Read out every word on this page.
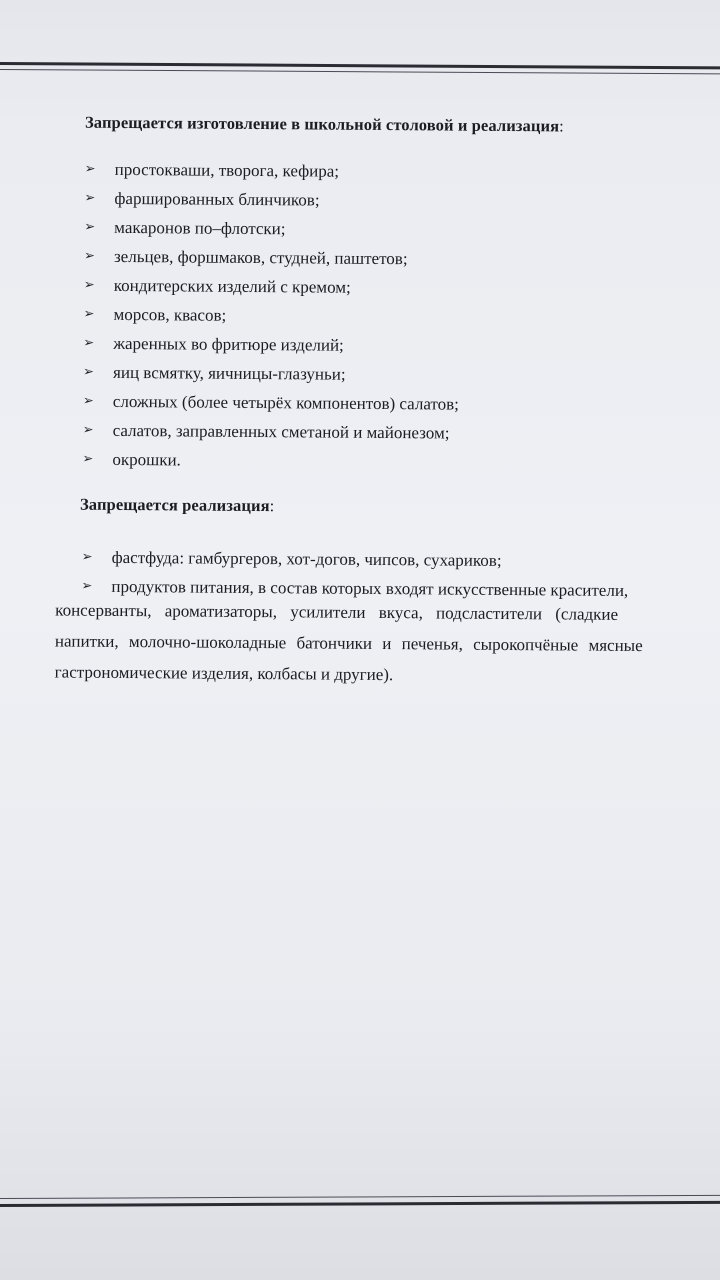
Запрещается изготовление в школьной столовой и реализация:
➢ простокваши, творога, кефира;
➢ фаршированных блинчиков;
➢ макаронов по–флотски;
➢ зельцев, форшмаков, студней, паштетов;
➢ кондитерских изделий с кремом;
➢ морсов, квасов;
➢ жаренных во фритюре изделий;
➢ яиц всмятку, яичницы-глазуньи;
➢ сложных (более четырёх компонентов) салатов;
➢ салатов, заправленных сметаной и майонезом;
➢ окрошки.
Запрещается реализация:
➢ фастфуда: гамбургеров, хот-догов, чипсов, сухариков;
➢ продуктов питания, в состав которых входят искусственные красители,
консерванты, ароматизаторы, усилители вкуса, подсластители (сладкие
напитки, молочно-шоколадные батончики и печенья, сырокопчёные мясные
гастрономические изделия, колбасы и другие).
